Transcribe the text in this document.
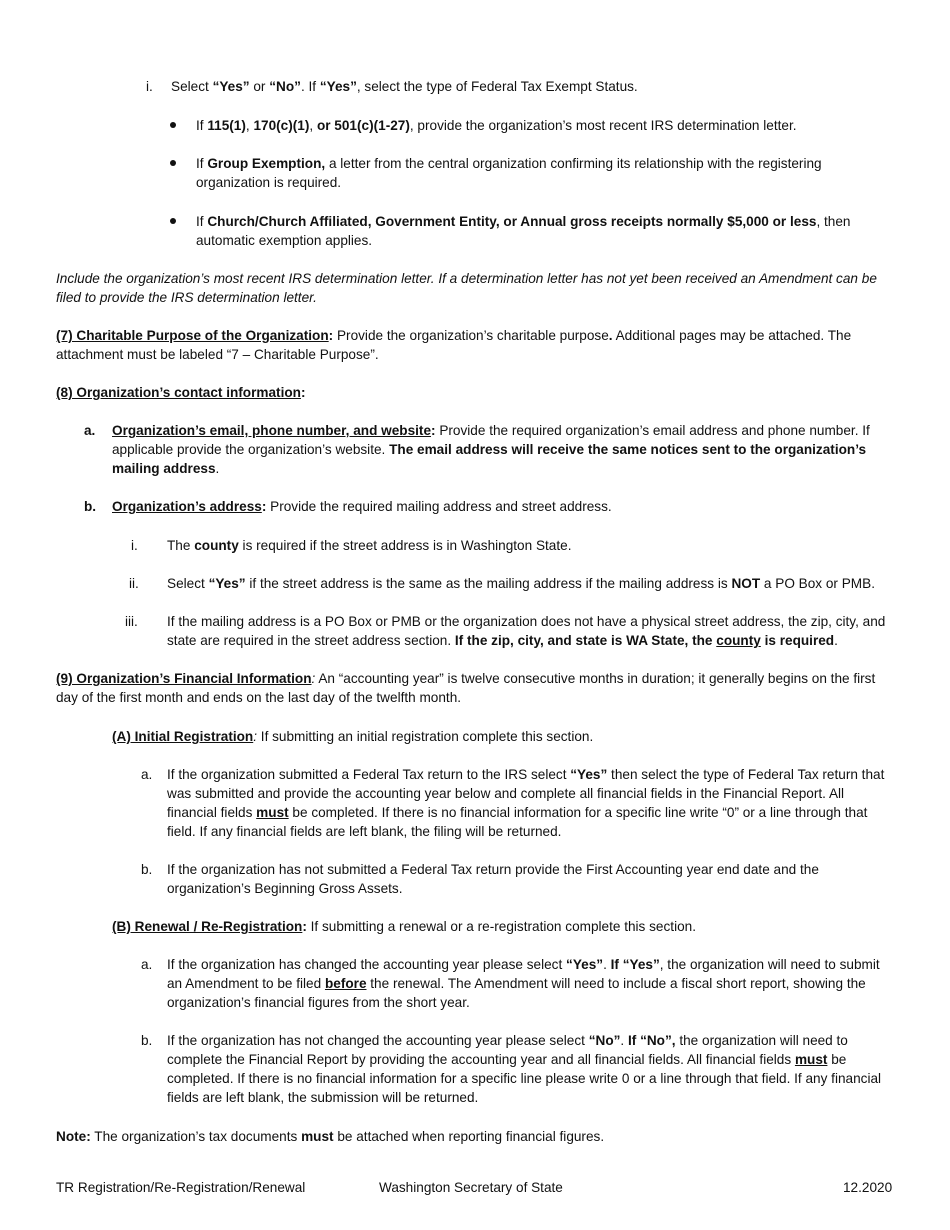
i. Select “Yes” or “No”. If “Yes”, select the type of Federal Tax Exempt Status.
If 115(1), 170(c)(1), or 501(c)(1-27), provide the organization’s most recent IRS determination letter.
If Group Exemption, a letter from the central organization confirming its relationship with the registering organization is required.
If Church/Church Affiliated, Government Entity, or Annual gross receipts normally $5,000 or less, then automatic exemption applies.
Include the organization’s most recent IRS determination letter. If a determination letter has not yet been received an Amendment can be filed to provide the IRS determination letter.
(7) Charitable Purpose of the Organization: Provide the organization’s charitable purpose. Additional pages may be attached. The attachment must be labeled “7 – Charitable Purpose”.
(8) Organization’s contact information:
a. Organization’s email, phone number, and website: Provide the required organization’s email address and phone number. If applicable provide the organization’s website. The email address will receive the same notices sent to the organization’s mailing address.
b. Organization’s address: Provide the required mailing address and street address.
i. The county is required if the street address is in Washington State.
ii. Select “Yes” if the street address is the same as the mailing address if the mailing address is NOT a PO Box or PMB.
iii. If the mailing address is a PO Box or PMB or the organization does not have a physical street address, the zip, city, and state are required in the street address section. If the zip, city, and state is WA State, the county is required.
(9) Organization’s Financial Information: An “accounting year” is twelve consecutive months in duration; it generally begins on the first day of the first month and ends on the last day of the twelfth month.
(A) Initial Registration: If submitting an initial registration complete this section.
a. If the organization submitted a Federal Tax return to the IRS select “Yes” then select the type of Federal Tax return that was submitted and provide the accounting year below and complete all financial fields in the Financial Report. All financial fields must be completed. If there is no financial information for a specific line write “0” or a line through that field. If any financial fields are left blank, the filing will be returned.
b. If the organization has not submitted a Federal Tax return provide the First Accounting year end date and the organization’s Beginning Gross Assets.
(B) Renewal / Re-Registration: If submitting a renewal or a re-registration complete this section.
a. If the organization has changed the accounting year please select “Yes”. If “Yes”, the organization will need to submit an Amendment to be filed before the renewal. The Amendment will need to include a fiscal short report, showing the organization’s financial figures from the short year.
b. If the organization has not changed the accounting year please select “No”. If “No”, the organization will need to complete the Financial Report by providing the accounting year and all financial fields. All financial fields must be completed. If there is no financial information for a specific line please write 0 or a line through that field. If any financial fields are left blank, the submission will be returned.
Note: The organization’s tax documents must be attached when reporting financial figures.
TR Registration/Re-Registration/Renewal	Washington Secretary of State	12.2020
